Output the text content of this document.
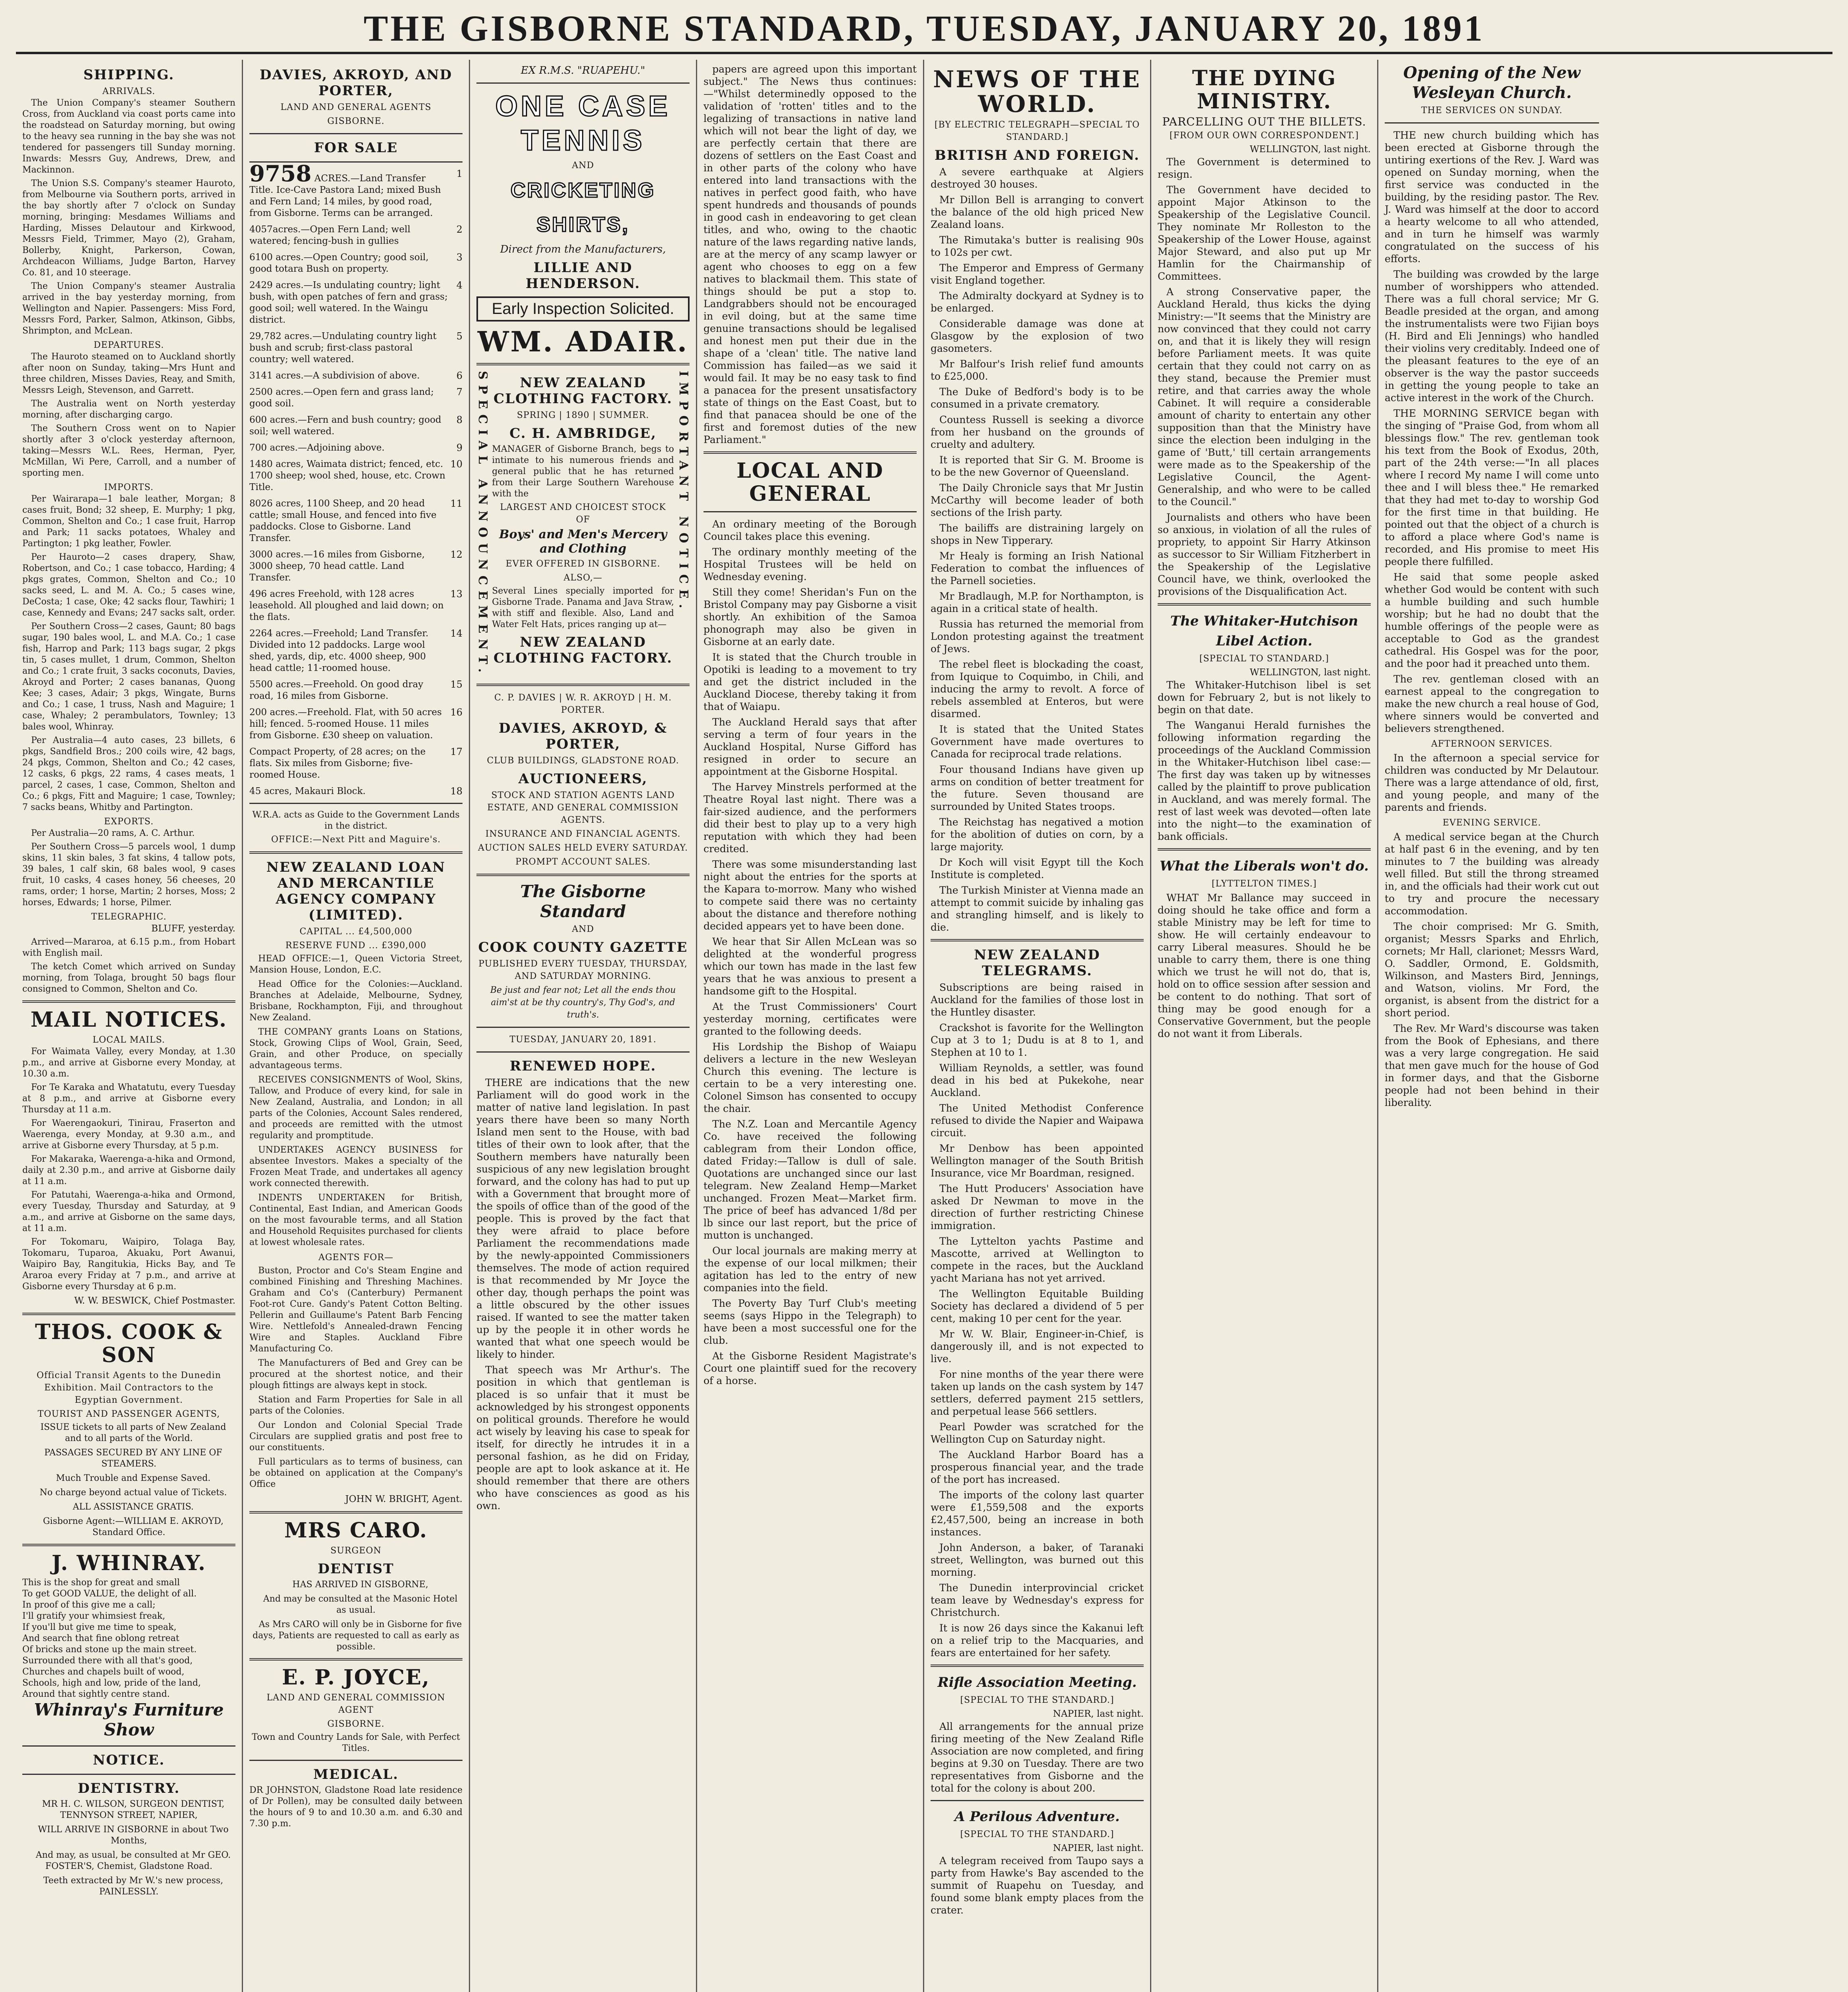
THE GISBORNE STANDARD, TUESDAY, JANUARY 20, 1891
SHIPPING.
ARRIVALS.

The Union Company's steamer Southern Cross, from Auckland via coast ports came into the roadstead on Saturday morning, but owing to the heavy sea running in the bay she was not tendered for passengers till Sunday morning. Inwards: Messrs Guy, Andrews, Drew, and Mackinnon.

The Union S.S. Company's steamer Hauroto, from Melbourne via Southern ports, arrived in the bay shortly after 7 o'clock on Sunday morning, bringing: Mesdames Williams and Harding, Misses Delautour and Kirkwood, Messrs Field, Trimmer, Mayo (2), Graham, Bollerby, Knight, Parkerson, Cowan, Archdeacon Williams, Judge Barton, Harvey Co. 81, and 10 steerage.

The Union Company's steamer Australia arrived in the bay yesterday morning, from Wellington and Napier. Passengers: Miss Ford, Messrs Ford, Parker, Salmon, Atkinson, Gibbs, Shrimpton, and McLean.

DEPARTURES.

The Hauroto steamed on to Auckland shortly after noon on Sunday, taking—Mrs Hunt and three children, Misses Davies, Reay, and Smith, Messrs Leigh, Stevenson, and Garrett.

The Australia went on North yesterday morning, after discharging cargo.

The Southern Cross went on to Napier shortly after 3 o'clock yesterday afternoon, taking—Messrs W.L. Rees, Herman, Pyer, McMillan, Wi Pere, Carroll, and a number of sporting men.

IMPORTS.

Per Wairarapa—1 bale leather, Morgan; 8 cases fruit, Bond; 32 sheep, E. Murphy; 1 pkg, Common, Shelton and Co.; 1 case fruit, Harrop and Park; 11 sacks potatoes, Whaley and Partington; 1 pkg leather, Fowler.

Per Hauroto—2 cases drapery, Shaw, Robertson, and Co.; 1 case tobacco, Harding; 4 pkgs grates, Common, Shelton and Co.; 10 sacks seed, L. and M. A. Co.; 5 cases wine, DeCosta; 1 case, Oke; 42 sacks flour, Tawhiri; 1 case, Kennedy and Evans; 247 sacks salt, order.

Per Southern Cross—2 cases, Gaunt; 80 bags sugar, 190 bales wool, L. and M.A. Co.; 1 case fish, Harrop and Park; 113 bags sugar, 2 pkgs tin, 5 cases mullet, 1 drum, Common, Shelton and Co.; 1 crate fruit, 3 sacks coconuts, Davies, Akroyd and Porter; 2 cases bananas, Quong Kee; 3 cases, Adair; 3 pkgs, Wingate, Burns and Co.; 1 case, 1 truss, Nash and Maguire; 1 case, Whaley; 2 perambulators, Townley; 13 bales wool, Whinray.

Per Australia—4 auto cases, 23 billets, 6 pkgs, Sandfield Bros.; 200 coils wire, 42 bags, 24 pkgs, Common, Shelton and Co.; 42 cases, 12 casks, 6 pkgs, 22 rams, 4 cases meats, 1 parcel, 2 cases, 1 case, Common, Shelton and Co.; 6 pkgs, Fitt and Maguire; 1 case, Townley; 7 sacks beans, Whitby and Partington.

EXPORTS.

Per Australia—20 rams, A. C. Arthur.

Per Southern Cross—5 parcels wool, 1 dump skins, 11 skin bales, 3 fat skins, 4 tallow pots, 39 bales, 1 calf skin, 68 bales wool, 9 cases fruit, 10 casks, 4 cases honey, 56 cheeses, 20 rams, order; 1 horse, Martin; 2 horses, Moss; 2 horses, Edwards; 1 horse, Pilmer.

TELEGRAPHIC.

BLUFF, yesterday.

Arrived—Mararoa, at 6.15 p.m., from Hobart with English mail.

The ketch Comet which arrived on Sunday morning, from Tolaga, brought 50 bags flour consigned to Common, Shelton and Co.

MAIL NOTICES.
LOCAL MAILS.

For Waimata Valley, every Monday, at 1.30 p.m., and arrive at Gisborne every Monday, at 10.30 a.m.

For Te Karaka and Whatatutu, every Tuesday at 8 p.m., and arrive at Gisborne every Thursday at 11 a.m.

For Waerengaokuri, Tinirau, Fraserton and Waerenga, every Monday, at 9.30 a.m., and arrive at Gisborne every Thursday, at 5 p.m.

For Makaraka, Waerenga-a-hika and Ormond, daily at 2.30 p.m., and arrive at Gisborne daily at 11 a.m.

For Patutahi, Waerenga-a-hika and Ormond, every Tuesday, Thursday and Saturday, at 9 a.m., and arrive at Gisborne on the same days, at 11 a.m.

For Tokomaru, Waipiro, Tolaga Bay, Tokomaru, Tuparoa, Akuaku, Port Awanui, Waipiro Bay, Rangitukia, Hicks Bay, and Te Araroa every Friday at 7 p.m., and arrive at Gisborne every Thursday at 6 p.m.

W. W. BESWICK, Chief Postmaster.
THOS. COOK & SON
Official Transit Agents to the Dunedin Exhibition. Mail Contractors to the Egyptian Government.
TOURIST AND PASSENGER AGENTS,

ISSUE tickets to all parts of New Zealand and to all parts of the World.

PASSAGES SECURED BY ANY LINE OF STEAMERS.

Much Trouble and Expense Saved.

No charge beyond actual value of Tickets.

ALL ASSISTANCE GRATIS.

Gisborne Agent:—WILLIAM E. AKROYD, Standard Office.

J. WHINRAY.
This is the shop for great and small
To get GOOD VALUE, the delight of all.
In proof of this give me a call;
I'll gratify your whimsiest freak,
If you'll but give me time to speak,
And search that fine oblong retreat
Of bricks and stone up the main street.
Surrounded there with all that's good,
Churches and chapels built of wood,
Schools, high and low, pride of the land,
Around that sightly centre stand.
Whinray's Furniture Show
NOTICE.
DENTISTRY.

MR H. C. WILSON, SURGEON DENTIST, TENNYSON STREET, NAPIER,

WILL ARRIVE IN GISBORNE in about Two Months,

And may, as usual, be consulted at Mr GEO. FOSTER'S, Chemist, Gladstone Road.

Teeth extracted by Mr W.'s new process, PAINLESSLY.

DAVIES, AKROYD, AND PORTER,
LAND AND GENERAL AGENTS
GISBORNE.
FOR SALE
9758 ACRES.—Land Transfer Title. Ice-Cave Pastora Land; mixed Bush and Fern Land; 14 miles, by good road, from Gisborne. Terms can be arranged.
1
4057acres.—Open Fern Land; well watered; fencing-bush in gullies
2
6100 acres.—Open Country; good soil, good totara Bush on property.
3
2429 acres.—Is undulating country; light bush, with open patches of fern and grass; good soil; well watered. In the Waingu district.
4
29,782 acres.—Undulating country light bush and scrub; first-class pastoral country; well watered.
5
3141 acres.—A subdivision of above.	6
2500 acres.—Open fern and grass land; good soil.
7
600 acres.—Fern and bush country; good soil; well watered.
8
700 acres.—Adjoining above.	9
1480 acres, Waimata district; fenced, etc. 1700 sheep; wool shed, house, etc. Crown Title.
10
8026 acres, 1100 Sheep, and 20 head cattle; small House, and fenced into five paddocks. Close to Gisborne. Land Transfer.
11
3000 acres.—16 miles from Gisborne, 3000 sheep, 70 head cattle. Land Transfer.
12
496 acres Freehold, with 128 acres leasehold. All ploughed and laid down; on the flats.
13
2264 acres.—Freehold; Land Transfer. Divided into 12 paddocks. Large wool shed, yards, dip, etc. 4000 sheep, 900 head cattle; 11-roomed house.
14
5500 acres.—Freehold. On good dray road, 16 miles from Gisborne.
15
200 acres.—Freehold. Flat, with 50 acres hill; fenced. 5-roomed House. 11 miles from Gisborne. £30 sheep on valuation.
16
Compact Property, of 28 acres; on the flats. Six miles from Gisborne; five-roomed House.
17
45 acres, Makauri Block.	18
W.R.A. acts as Guide to the Government Lands in the district.
OFFICE:—Next Pitt and Maguire's.
NEW ZEALAND LOAN AND MERCANTILE AGENCY COMPANY (LIMITED).
CAPITAL ... £4,500,000
RESERVE FUND ... £390,000

HEAD OFFICE:—1, Queen Victoria Street, Mansion House, London, E.C.

Head Office for the Colonies:—Auckland. Branches at Adelaide, Melbourne, Sydney, Brisbane, Rockhampton, Fiji, and throughout New Zealand.

THE COMPANY grants Loans on Stations, Stock, Growing Clips of Wool, Grain, Seed, Grain, and other Produce, on specially advantageous terms.

RECEIVES CONSIGNMENTS of Wool, Skins, Tallow, and Produce of every kind, for sale in New Zealand, Australia, and London; in all parts of the Colonies, Account Sales rendered, and proceeds are remitted with the utmost regularity and promptitude.

UNDERTAKES AGENCY BUSINESS for absentee Investors. Makes a specialty of the Frozen Meat Trade, and undertakes all agency work connected therewith.

INDENTS UNDERTAKEN for British, Continental, East Indian, and American Goods on the most favourable terms, and all Station and Household Requisites purchased for clients at lowest wholesale rates.

AGENTS FOR—

Buston, Proctor and Co's Steam Engine and combined Finishing and Threshing Machines. Graham and Co's (Canterbury) Permanent Foot-rot Cure. Gandy's Patent Cotton Belting. Pellerin and Guillaume's Patent Barb Fencing Wire. Nettlefold's Annealed-drawn Fencing Wire and Staples. Auckland Fibre Manufacturing Co.

The Manufacturers of Bed and Grey can be procured at the shortest notice, and their plough fittings are always kept in stock.

Station and Farm Properties for Sale in all parts of the Colonies.

Our London and Colonial Special Trade Circulars are supplied gratis and post free to our constituents.

Full particulars as to terms of business, can be obtained on application at the Company's Office

JOHN W. BRIGHT, Agent.
MRS CARO.
SURGEON
DENTIST

HAS ARRIVED IN GISBORNE,

And may be consulted at the Masonic Hotel as usual.

As Mrs CARO will only be in Gisborne for five days, Patients are requested to call as early as possible.

E. P. JOYCE,
LAND AND GENERAL COMMISSION AGENT
GISBORNE.
Town and Country Lands for Sale, with Perfect Titles.
MEDICAL.
DR JOHNSTON, Gladstone Road late residence of Dr Pollen), may be consulted daily between the hours of 9 to and 10.30 a.m. and 6.30 and 7.30 p.m.
EX R.M.S. "RUAPEHU."
ONE CASE
TENNIS
AND
CRICKETING SHIRTS,
Direct from the Manufacturers,
LILLIE AND HENDERSON.
Early Inspection Solicited.
WM. ADAIR.
SPECIAL ANNOUNCEMENT.	NEW ZEALAND CLOTHING FACTORY.
SPRING | 1890 | SUMMER.
C. H. AMBRIDGE,
MANAGER of Gisborne Branch, begs to intimate to his numerous friends and general public that he has returned from their Large Southern Warehouse with the
LARGEST AND CHOICEST STOCK OF
Boys' and Men's Mercery and Clothing
EVER OFFERED IN GISBORNE.
ALSO,—
Several Lines specially imported for Gisborne Trade. Panama and Java Straw, with stiff and flexible. Also, Land and Water Felt Hats, prices ranging up at—
NEW ZEALAND CLOTHING FACTORY.
IMPORTANT NOTICE.
C. P. DAVIES | W. R. AKROYD | H. M. PORTER.
DAVIES, AKROYD, & PORTER,
CLUB BUILDINGS, GLADSTONE ROAD.
AUCTIONEERS,
STOCK AND STATION AGENTS LAND ESTATE, AND GENERAL COMMISSION AGENTS.
INSURANCE AND FINANCIAL AGENTS.
AUCTION SALES HELD EVERY SATURDAY.
PROMPT ACCOUNT SALES.
The Gisborne Standard
AND
COOK COUNTY GAZETTE
PUBLISHED EVERY TUESDAY, THURSDAY, AND SATURDAY MORNING.
Be just and fear not; Let all the ends thou aim'st at be thy country's, Thy God's, and truth's.
TUESDAY, JANUARY 20, 1891.
RENEWED HOPE.

THERE are indications that the new Parliament will do good work in the matter of native land legislation. In past years there have been so many North Island men sent to the House, with bad titles of their own to look after, that the Southern members have naturally been suspicious of any new legislation brought forward, and the colony has had to put up with a Government that brought more of the spoils of office than of the good of the people. This is proved by the fact that they were afraid to place before Parliament the recommendations made by the newly-appointed Commissioners themselves. The mode of action required is that recommended by Mr Joyce the other day, though perhaps the point was a little obscured by the other issues raised. If wanted to see the matter taken up by the people it in other words he wanted that what one speech would be likely to hinder.

That speech was Mr Arthur's. The position in which that gentleman is placed is so unfair that it must be acknowledged by his strongest opponents on political grounds. Therefore he would act wisely by leaving his case to speak for itself, for directly he intrudes it in a personal fashion, as he did on Friday, people are apt to look askance at it. He should remember that there are others who have consciences as good as his own.

papers are agreed upon this important subject." The News thus continues:—"Whilst determinedly opposed to the validation of 'rotten' titles and to the legalizing of transactions in native land which will not bear the light of day, we are perfectly certain that there are dozens of settlers on the East Coast and in other parts of the colony who have entered into land transactions with the natives in perfect good faith, who have spent hundreds and thousands of pounds in good cash in endeavoring to get clean titles, and who, owing to the chaotic nature of the laws regarding native lands, are at the mercy of any scamp lawyer or agent who chooses to egg on a few natives to blackmail them. This state of things should be put a stop to. Landgrabbers should not be encouraged in evil doing, but at the same time genuine transactions should be legalised and honest men put their due in the shape of a 'clean' title. The native land Commission has failed—as we said it would fail. It may be no easy task to find a panacea for the present unsatisfactory state of things on the East Coast, but to find that panacea should be one of the first and foremost duties of the new Parliament."

LOCAL AND GENERAL

An ordinary meeting of the Borough Council takes place this evening.

The ordinary monthly meeting of the Hospital Trustees will be held on Wednesday evening.

Still they come! Sheridan's Fun on the Bristol Company may pay Gisborne a visit shortly. An exhibition of the Samoa phonograph may also be given in Gisborne at an early date.

It is stated that the Church trouble in Opotiki is leading to a movement to try and get the district included in the Auckland Diocese, thereby taking it from that of Waiapu.

The Auckland Herald says that after serving a term of four years in the Auckland Hospital, Nurse Gifford has resigned in order to secure an appointment at the Gisborne Hospital.

The Harvey Minstrels performed at the Theatre Royal last night. There was a fair-sized audience, and the performers did their best to play up to a very high reputation with which they had been credited.

There was some misunderstanding last night about the entries for the sports at the Kapara to-morrow. Many who wished to compete said there was no certainty about the distance and therefore nothing decided appears yet to have been done.

We hear that Sir Allen McLean was so delighted at the wonderful progress which our town has made in the last few years that he was anxious to present a handsome gift to the Hospital.

At the Trust Commissioners' Court yesterday morning, certificates were granted to the following deeds.

His Lordship the Bishop of Waiapu delivers a lecture in the new Wesleyan Church this evening. The lecture is certain to be a very interesting one. Colonel Simson has consented to occupy the chair.

The N.Z. Loan and Mercantile Agency Co. have received the following cablegram from their London office, dated Friday:—Tallow is dull of sale. Quotations are unchanged since our last telegram. New Zealand Hemp—Market unchanged. Frozen Meat—Market firm. The price of beef has advanced 1/8d per lb since our last report, but the price of mutton is unchanged.

Our local journals are making merry at the expense of our local milkmen; their agitation has led to the entry of new companies into the field.

The Poverty Bay Turf Club's meeting seems (says Hippo in the Telegraph) to have been a most successful one for the club.

At the Gisborne Resident Magistrate's Court one plaintiff sued for the recovery of a horse.

NEWS OF THE WORLD.
[BY ELECTRIC TELEGRAPH—SPECIAL TO STANDARD.]
BRITISH AND FOREIGN.

A severe earthquake at Algiers destroyed 30 houses.

Mr Dillon Bell is arranging to convert the balance of the old high priced New Zealand loans.

The Rimutaka's butter is realising 90s to 102s per cwt.

The Emperor and Empress of Germany visit England together.

The Admiralty dockyard at Sydney is to be enlarged.

Considerable damage was done at Glasgow by the explosion of two gasometers.

Mr Balfour's Irish relief fund amounts to £25,000.

The Duke of Bedford's body is to be consumed in a private crematory.

Countess Russell is seeking a divorce from her husband on the grounds of cruelty and adultery.

It is reported that Sir G. M. Broome is to be the new Governor of Queensland.

The Daily Chronicle says that Mr Justin McCarthy will become leader of both sections of the Irish party.

The bailiffs are distraining largely on shops in New Tipperary.

Mr Healy is forming an Irish National Federation to combat the influences of the Parnell societies.

Mr Bradlaugh, M.P. for Northampton, is again in a critical state of health.

Russia has returned the memorial from London protesting against the treatment of Jews.

The rebel fleet is blockading the coast, from Iquique to Coquimbo, in Chili, and inducing the army to revolt. A force of rebels assembled at Enteros, but were disarmed.

It is stated that the United States Government have made overtures to Canada for reciprocal trade relations.

Four thousand Indians have given up arms on condition of better treatment for the future. Seven thousand are surrounded by United States troops.

The Reichstag has negatived a motion for the abolition of duties on corn, by a large majority.

Dr Koch will visit Egypt till the Koch Institute is completed.

The Turkish Minister at Vienna made an attempt to commit suicide by inhaling gas and strangling himself, and is likely to die.

NEW ZEALAND TELEGRAMS.

Subscriptions are being raised in Auckland for the families of those lost in the Huntley disaster.

Crackshot is favorite for the Wellington Cup at 3 to 1; Dudu is at 8 to 1, and Stephen at 10 to 1.

William Reynolds, a settler, was found dead in his bed at Pukekohe, near Auckland.

The United Methodist Conference refused to divide the Napier and Waipawa circuit.

Mr Denbow has been appointed Wellington manager of the South British Insurance, vice Mr Boardman, resigned.

The Hutt Producers' Association have asked Dr Newman to move in the direction of further restricting Chinese immigration.

The Lyttelton yachts Pastime and Mascotte, arrived at Wellington to compete in the races, but the Auckland yacht Mariana has not yet arrived.

The Wellington Equitable Building Society has declared a dividend of 5 per cent, making 10 per cent for the year.

Mr W. W. Blair, Engineer-in-Chief, is dangerously ill, and is not expected to live.

For nine months of the year there were taken up lands on the cash system by 147 settlers, deferred payment 215 settlers, and perpetual lease 566 settlers.

Pearl Powder was scratched for the Wellington Cup on Saturday night.

The Auckland Harbor Board has a prosperous financial year, and the trade of the port has increased.

The imports of the colony last quarter were £1,559,508 and the exports £2,457,500, being an increase in both instances.

John Anderson, a baker, of Taranaki street, Wellington, was burned out this morning.

The Dunedin interprovincial cricket team leave by Wednesday's express for Christchurch.

It is now 26 days since the Kakanui left on a relief trip to the Macquaries, and fears are entertained for her safety.

Rifle Association Meeting.
[SPECIAL TO THE STANDARD.]
NAPIER, last night.

All arrangements for the annual prize firing meeting of the New Zealand Rifle Association are now completed, and firing begins at 9.30 on Tuesday. There are two representatives from Gisborne and the total for the colony is about 200.

A Perilous Adventure.
[SPECIAL TO THE STANDARD.]
NAPIER, last night.

A telegram received from Taupo says a party from Hawke's Bay ascended to the summit of Ruapehu on Tuesday, and found some blank empty places from the crater.

THE DYING MINISTRY.
PARCELLING OUT THE BILLETS.
[FROM OUR OWN CORRESPONDENT.]
WELLINGTON, last night.

The Government is determined to resign.

The Government have decided to appoint Major Atkinson to the Speakership of the Legislative Council. They nominate Mr Rolleston to the Speakership of the Lower House, against Major Steward, and also put up Mr Hamlin for the Chairmanship of Committees.

A strong Conservative paper, the Auckland Herald, thus kicks the dying Ministry:—"It seems that the Ministry are now convinced that they could not carry on, and that it is likely they will resign before Parliament meets. It was quite certain that they could not carry on as they stand, because the Premier must retire, and that carries away the whole Cabinet. It will require a considerable amount of charity to entertain any other supposition than that the Ministry have since the election been indulging in the game of 'Butt,' till certain arrangements were made as to the Speakership of the Legislative Council, the Agent-Generalship, and who were to be called to the Council."

Journalists and others who have been so anxious, in violation of all the rules of propriety, to appoint Sir Harry Atkinson as successor to Sir William Fitzherbert in the Speakership of the Legislative Council have, we think, overlooked the provisions of the Disqualification Act.

The Whitaker-Hutchison Libel Action.
[SPECIAL TO STANDARD.]
WELLINGTON, last night.

The Whitaker-Hutchison libel is set down for February 2, but is not likely to begin on that date.

The Wanganui Herald furnishes the following information regarding the proceedings of the Auckland Commission in the Whitaker-Hutchison libel case:—The first day was taken up by witnesses called by the plaintiff to prove publication in Auckland, and was merely formal. The rest of last week was devoted—often late into the night—to the examination of bank officials.

What the Liberals won't do.
[LYTTELTON TIMES.]

WHAT Mr Ballance may succeed in doing should he take office and form a stable Ministry may be left for time to show. He will certainly endeavour to carry Liberal measures. Should he be unable to carry them, there is one thing which we trust he will not do, that is, hold on to office session after session and be content to do nothing. That sort of thing may be good enough for a Conservative Government, but the people do not want it from Liberals.

Opening of the New Wesleyan Church.
THE SERVICES ON SUNDAY.

THE new church building which has been erected at Gisborne through the untiring exertions of the Rev. J. Ward was opened on Sunday morning, when the first service was conducted in the building, by the residing pastor. The Rev. J. Ward was himself at the door to accord a hearty welcome to all who attended, and in turn he himself was warmly congratulated on the success of his efforts.

The building was crowded by the large number of worshippers who attended. There was a full choral service; Mr G. Beadle presided at the organ, and among the instrumentalists were two Fijian boys (H. Bird and Eli Jennings) who handled their violins very creditably. Indeed one of the pleasant features to the eye of an observer is the way the pastor succeeds in getting the young people to take an active interest in the work of the Church.

THE MORNING SERVICE began with the singing of "Praise God, from whom all blessings flow." The rev. gentleman took his text from the Book of Exodus, 20th, part of the 24th verse:—"In all places where I record My name I will come unto thee and I will bless thee." He remarked that they had met to-day to worship God for the first time in that building. He pointed out that the object of a church is to afford a place where God's name is recorded, and His promise to meet His people there fulfilled.

He said that some people asked whether God would be content with such a humble building and such humble worship; but he had no doubt that the humble offerings of the people were as acceptable to God as the grandest cathedral. His Gospel was for the poor, and the poor had it preached unto them.

The rev. gentleman closed with an earnest appeal to the congregation to make the new church a real house of God, where sinners would be converted and believers strengthened.

AFTERNOON SERVICES.

In the afternoon a special service for children was conducted by Mr Delautour. There was a large attendance of old, first, and young people, and many of the parents and friends.

EVENING SERVICE.

A medical service began at the Church at half past 6 in the evening, and by ten minutes to 7 the building was already well filled. But still the throng streamed in, and the officials had their work cut out to try and procure the necessary accommodation.

The choir comprised: Mr G. Smith, organist; Messrs Sparks and Ehrlich, cornets; Mr Hall, clarionet; Messrs Ward, O. Saddler, Ormond, E. Goldsmith, Wilkinson, and Masters Bird, Jennings, and Watson, violins. Mr Ford, the organist, is absent from the district for a short period.

The Rev. Mr Ward's discourse was taken from the Book of Ephesians, and there was a very large congregation. He said that men gave much for the house of God in former days, and that the Gisborne people had not been behind in their liberality.
